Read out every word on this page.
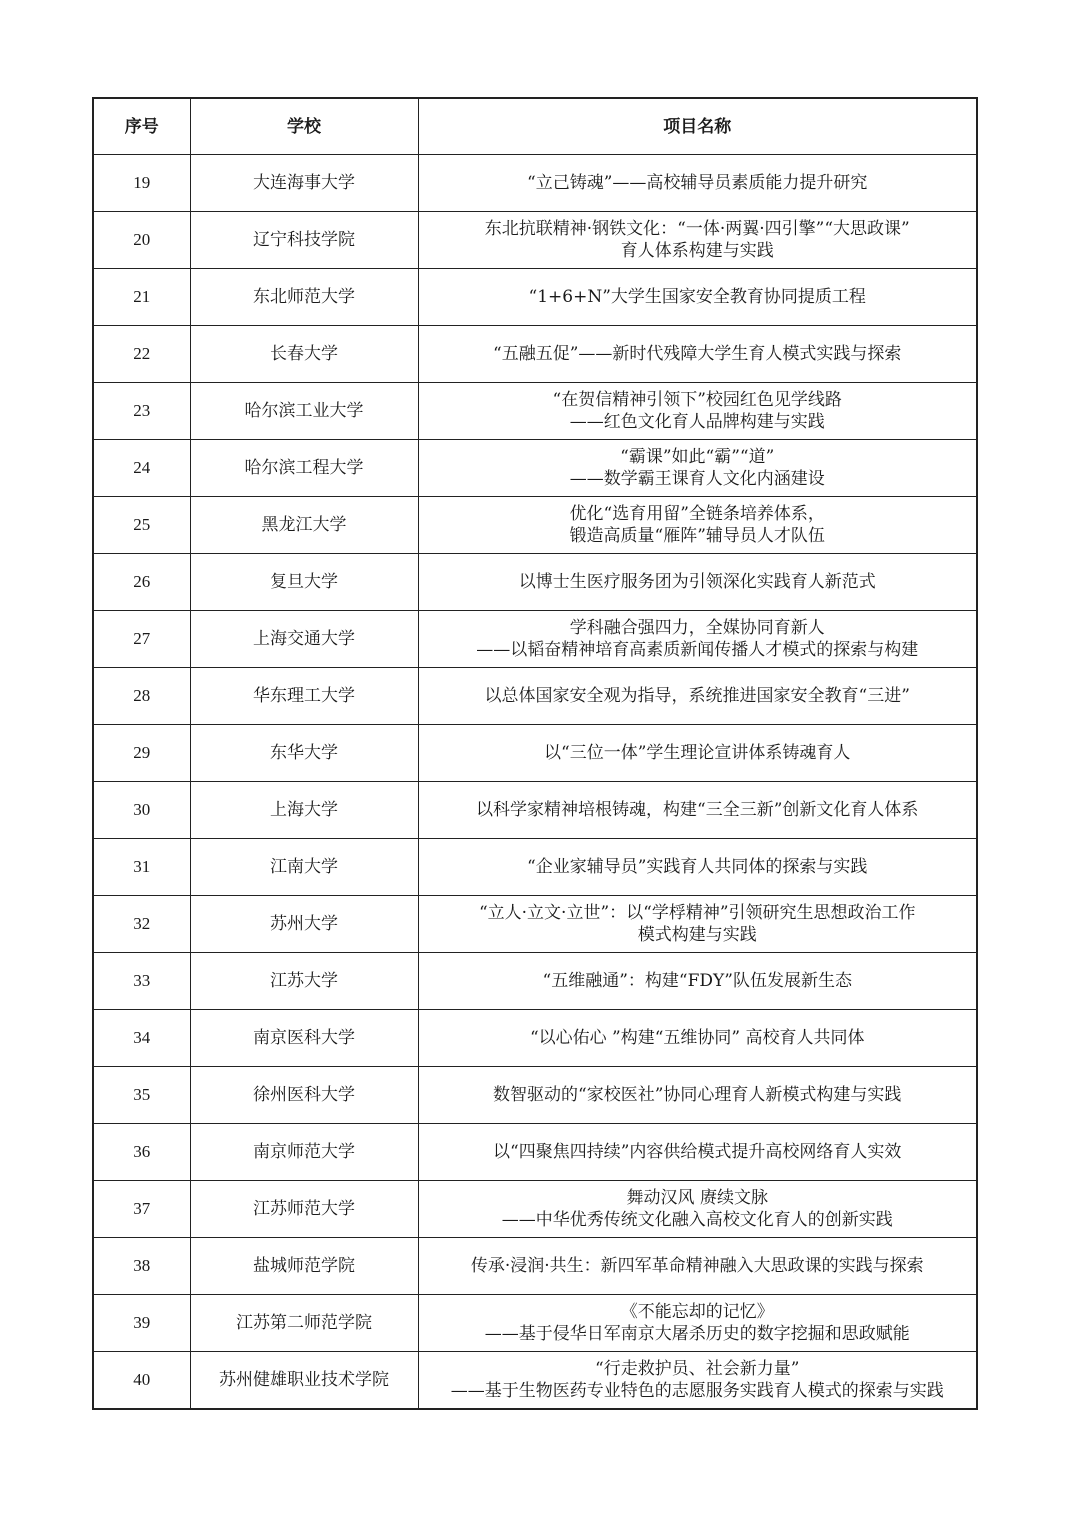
序号	学校	项目名称
19	大连海事大学	“立己铸魂”——高校辅导员素质能力提升研究

20	辽宁科技学院	东北抗联精神·钢铁文化：“一体·两翼·四引擎”“大思政课”
育人体系构建与实践

21	东北师范大学	“1+6+N”大学生国家安全教育协同提质工程

22	长春大学	“五融五促”——新时代残障大学生育人模式实践与探索

23	哈尔滨工业大学	“在贺信精神引领下”校园红色见学线路
——红色文化育人品牌构建与实践

24	哈尔滨工程大学	“霸课”如此“霸”“道”
——数学霸王课育人文化内涵建设

25	黑龙江大学	优化“选育用留”全链条培养体系，
锻造高质量“雁阵”辅导员人才队伍

26	复旦大学	以博士生医疗服务团为引领深化实践育人新范式

27	上海交通大学	学科融合强四力，全媒协同育新人
——以韬奋精神培育高素质新闻传播人才模式的探索与构建

28	华东理工大学	以总体国家安全观为指导，系统推进国家安全教育“三进”

29	东华大学	以“三位一体”学生理论宣讲体系铸魂育人

30	上海大学	以科学家精神培根铸魂，构建“三全三新”创新文化育人体系

31	江南大学	“企业家辅导员”实践育人共同体的探索与实践

32	苏州大学	“立人·立文·立世”：以“学桴精神”引领研究生思想政治工作
模式构建与实践

33	江苏大学	“五维融通”：构建“FDY”队伍发展新生态

34	南京医科大学	“以心佑心 ”构建“五维协同” 高校育人共同体

35	徐州医科大学	数智驱动的“家校医社”协同心理育人新模式构建与实践

36	南京师范大学	以“四聚焦四持续”内容供给模式提升高校网络育人实效

37	江苏师范大学	舞动汉风 赓续文脉
——中华优秀传统文化融入高校文化育人的创新实践

38	盐城师范学院	传承·浸润·共生：新四军革命精神融入大思政课的实践与探索

39	江苏第二师范学院	《不能忘却的记忆》
——基于侵华日军南京大屠杀历史的数字挖掘和思政赋能

40	苏州健雄职业技术学院	“行走救护员、社会新力量”
——基于生物医药专业特色的志愿服务实践育人模式的探索与实践
